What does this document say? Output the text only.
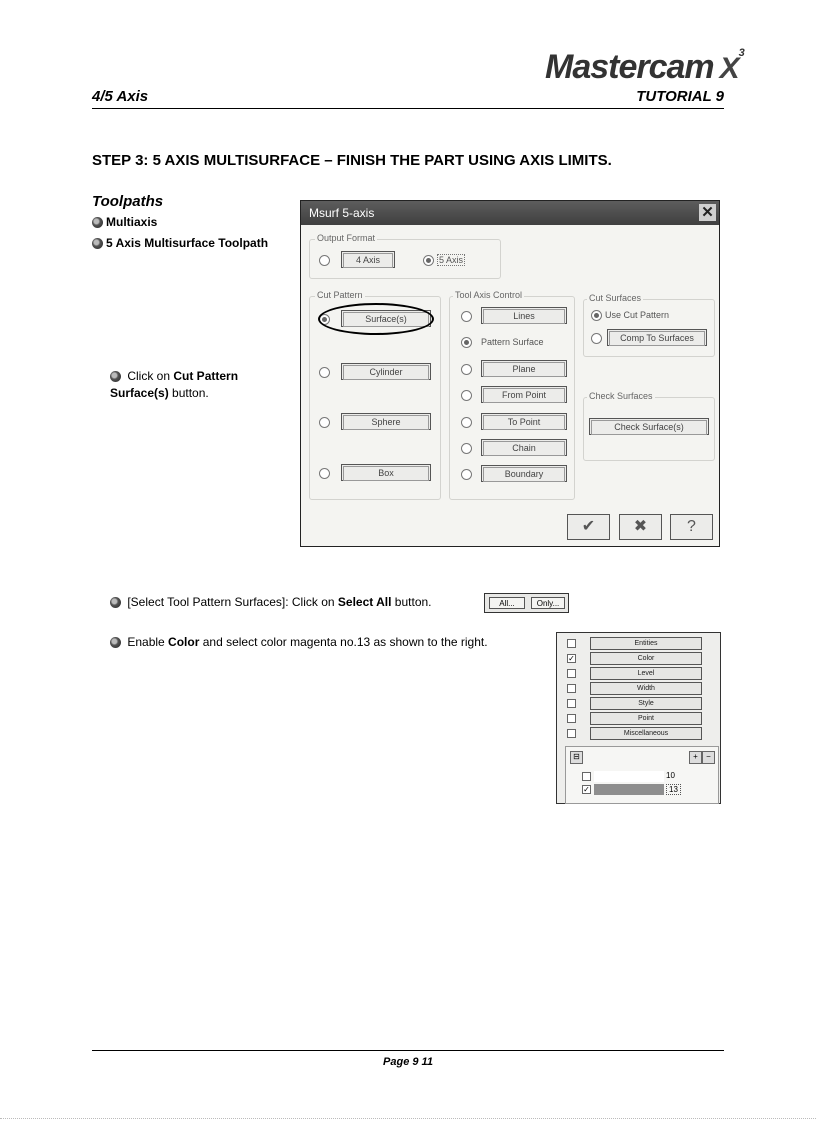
Mastercam $X^3$
4/5 Axis	TUTORIAL 9
STEP 3: 5 AXIS MULTISURFACE – FINISH THE PART USING AXIS LIMITS.
Toolpaths
Multiaxis
5 Axis Multisurface Toolpath
Click on Cut Pattern Surface(s) button.
Msurf 5-axis	✕
Output Format
4 Axis	5 Axis
Cut Pattern
Surface(s)
Cylinder
Sphere
Box
Tool Axis Control
Lines
Pattern Surface
Plane
From Point
To Point
Chain
Boundary
Cut Surfaces
Use Cut Pattern
Comp To Surfaces
Check Surfaces
Check Surface(s)
✔	✖	?
[Select Tool Pattern Surfaces]: Click on Select All button.	All...	Only...
Enable Color and select color magenta no.13 as shown to the right.	Entities
✓	Color
Level
Width
Style
Point
Miscellaneous
⊟	+	−
10
✓	13
Page 9 11
